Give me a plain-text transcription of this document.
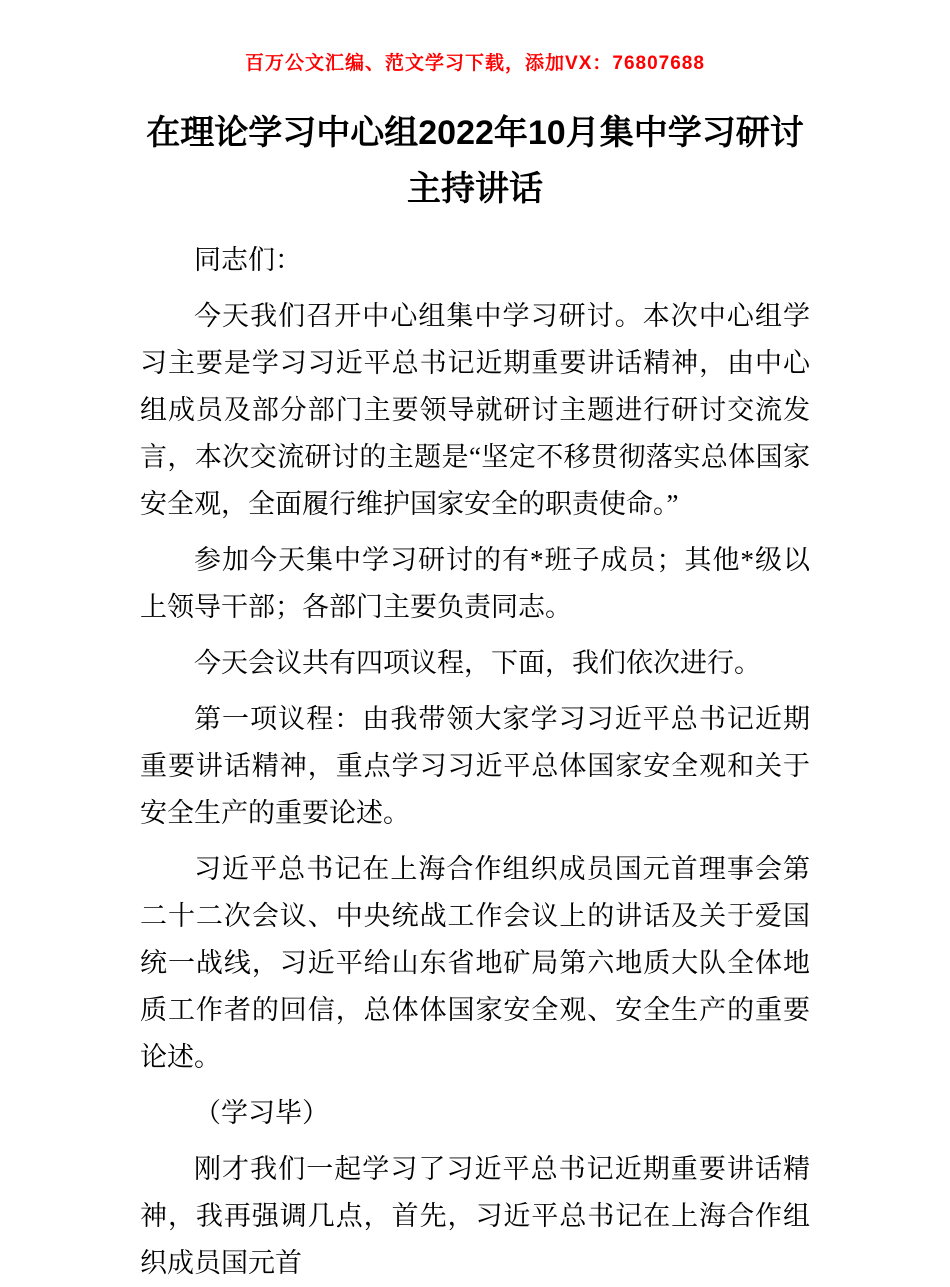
百万公文汇编、范文学习下载，添加VX：76807688
在理论学习中心组2022年10月集中学习研讨
主持讲话

同志们：

今天我们召开中心组集中学习研讨。本次中心组学习主要是学习习近平总书记近期重要讲话精神，由中心组成员及部分部门主要领导就研讨主题进行研讨交流发言，本次交流研讨的主题是“坚定不移贯彻落实总体国家安全观，全面履行维护国家安全的职责使命。”

参加今天集中学习研讨的有*班子成员；其他*级以上领导干部；各部门主要负责同志。

今天会议共有四项议程，下面，我们依次进行。

第一项议程：由我带领大家学习习近平总书记近期重要讲话精神，重点学习习近平总体国家安全观和关于安全生产的重要论述。

习近平总书记在上海合作组织成员国元首理事会第二十二次会议、中央统战工作会议上的讲话及关于爱国统一战线，习近平给山东省地矿局第六地质大队全体地质工作者的回信，总体体国家安全观、安全生产的重要论述。

（学习毕）

刚才我们一起学习了习近平总书记近期重要讲话精神，我再强调几点，首先，习近平总书记在上海合作组织成员国元首
